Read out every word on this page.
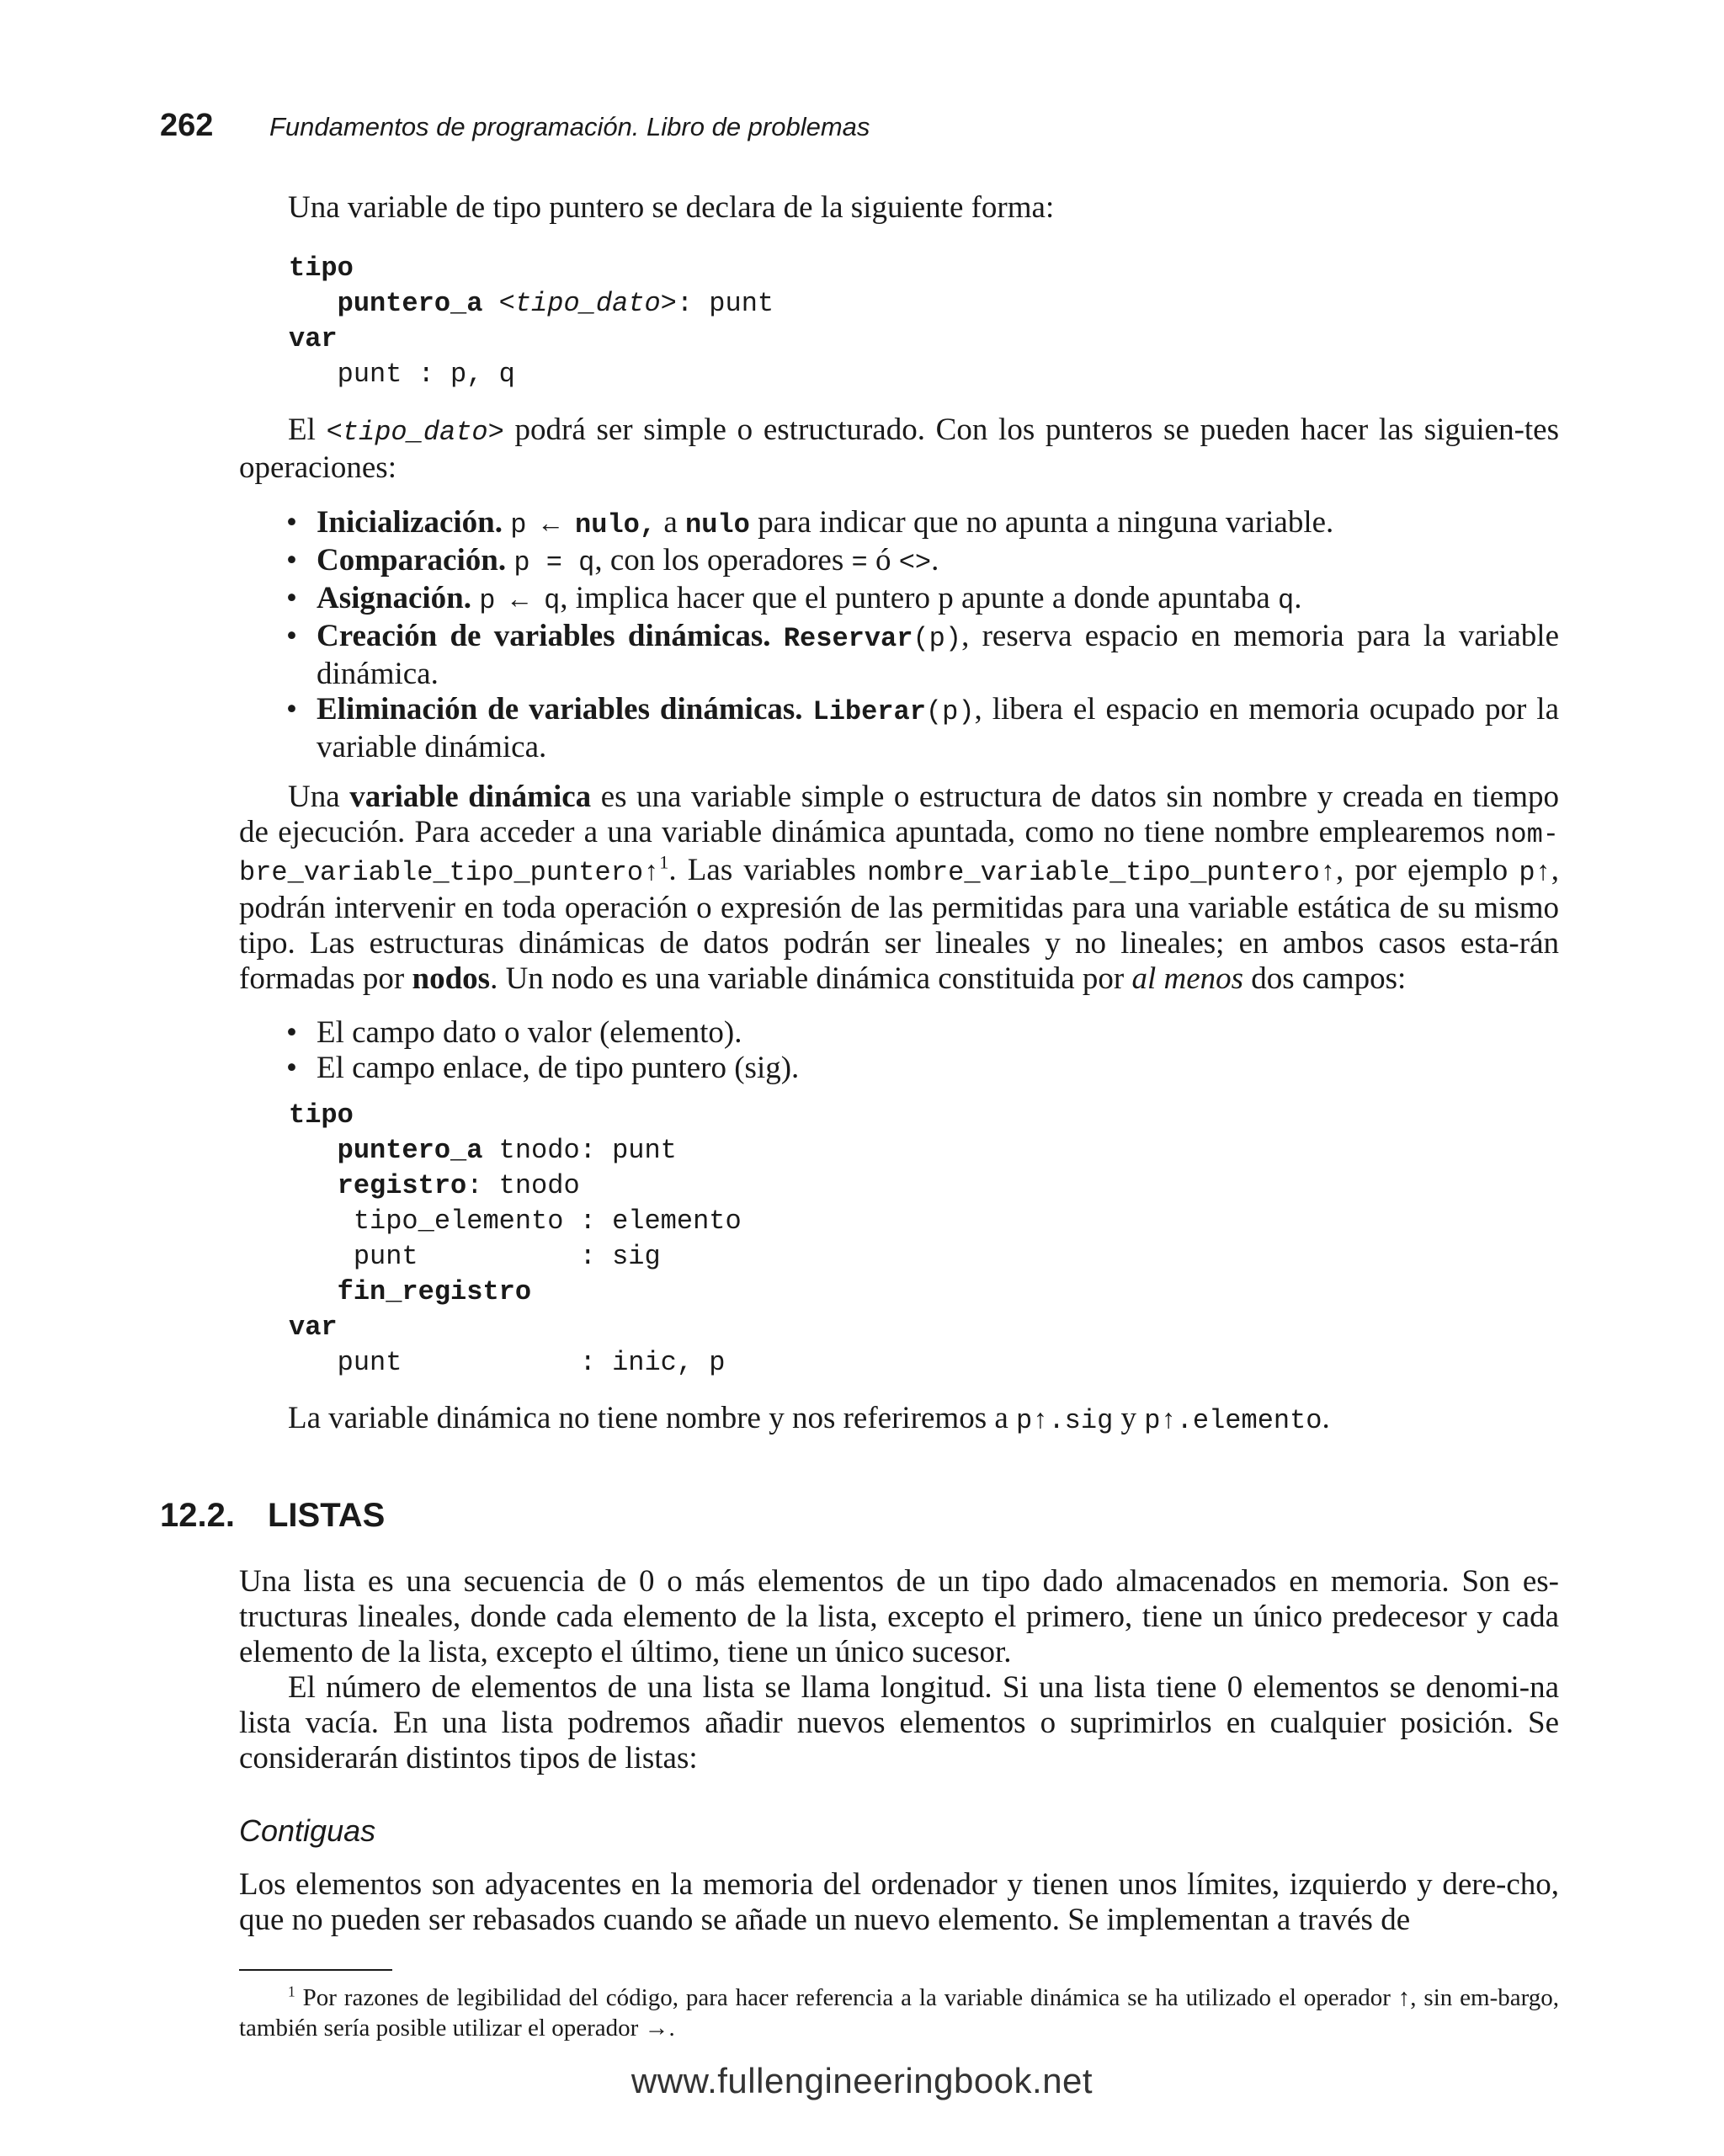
262	Fundamentos de programación. Libro de problemas
Una variable de tipo puntero se declara de la siguiente forma:
tipo
puntero_a <tipo_dato>: punt
var
punt : p, q
El <tipo_dato> podrá ser simple o estructurado. Con los punteros se pueden hacer las siguien-tes operaciones:
• Inicialización. p ← nulo, a nulo para indicar que no apunta a ninguna variable.
• Comparación. p = q, con los operadores = ó <>.
• Asignación. p ← q, implica hacer que el puntero p apunte a donde apuntaba q.
• Creación de variables dinámicas. Reservar(p), reserva espacio en memoria para la variable dinámica.
• Eliminación de variables dinámicas. Liberar(p), libera el espacio en memoria ocupado por la variable dinámica.
Una variable dinámica es una variable simple o estructura de datos sin nombre y creada en tiempo de ejecución. Para acceder a una variable dinámica apuntada, como no tiene nombre emplearemos nom-bre_variable_tipo_puntero↑$^1$. Las variables nombre_variable_tipo_puntero↑, por ejemplo p↑, podrán intervenir en toda operación o expresión de las permitidas para una variable estática de su mismo tipo. Las estructuras dinámicas de datos podrán ser lineales y no lineales; en ambos casos esta-rán formadas por nodos. Un nodo es una variable dinámica constituida por al menos dos campos:
• El campo dato o valor (elemento).
• El campo enlace, de tipo puntero (sig).
tipo
puntero_a tnodo: punt
registro: tnodo
tipo_elemento : elemento
punt          : sig
fin_registro
var
punt           : inic, p
La variable dinámica no tiene nombre y nos referiremos a p↑.sig y p↑.elemento.
12.2. LISTAS
Una lista es una secuencia de 0 o más elementos de un tipo dado almacenados en memoria. Son es-tructuras lineales, donde cada elemento de la lista, excepto el primero, tiene un único predecesor y cada elemento de la lista, excepto el último, tiene un único sucesor.
El número de elementos de una lista se llama longitud. Si una lista tiene 0 elementos se denomi-na lista vacía. En una lista podremos añadir nuevos elementos o suprimirlos en cualquier posición. Se considerarán distintos tipos de listas:
Contiguas
Los elementos son adyacentes en la memoria del ordenador y tienen unos límites, izquierdo y dere-cho, que no pueden ser rebasados cuando se añade un nuevo elemento. Se implementan a través de
$^1$ Por razones de legibilidad del código, para hacer referencia a la variable dinámica se ha utilizado el operador ↑, sin em-bargo, también sería posible utilizar el operador →.
www.fullengineeringbook.net
